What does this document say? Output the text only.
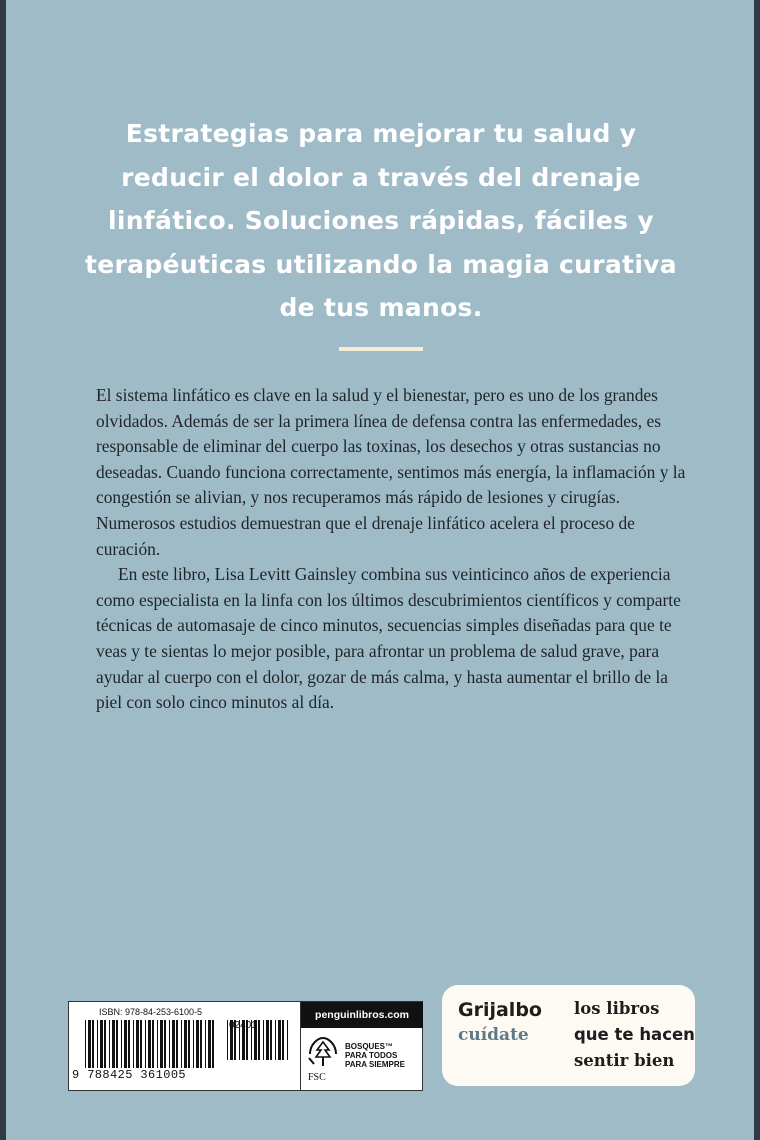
Estrategias para mejorar tu salud y reducir el dolor a través del drenaje linfático. Soluciones rápidas, fáciles y terapéuticas utilizando la magia curativa de tus manos.

El sistema linfático es clave en la salud y el bienestar, pero es uno de los grandes olvidados. Además de ser la primera línea de defensa contra las enfermedades, es responsable de eliminar del cuerpo las toxinas, los desechos y otras sustancias no deseadas. Cuando funciona correctamente, sentimos más energía, la inflamación y la congestión se alivian, y nos recuperamos más rápido de lesiones y cirugías. Numerosos estudios demuestran que el drenaje linfático acelera el proceso de curación.

En este libro, Lisa Levitt Gainsley combina sus veinticinco años de experiencia como especialista en la linfa con los últimos descubrimientos científicos y comparte técnicas de automasaje de cinco minutos, secuencias simples diseñadas para que te veas y te sientas lo mejor posible, para afrontar un problema de salud grave, para ayudar al cuerpo con el dolor, gozar de más calma, y hasta aumentar el brillo de la piel con solo cinco minutos al día.

ISBN: 978-84-253-6100-5
9 788425 361005
penguinlibros.com
FSC
BOSQUES™
PARA TODOS
PARA SIEMPRE
Grijalbo
cuídate
los libros
que te hacen
sentir bien
